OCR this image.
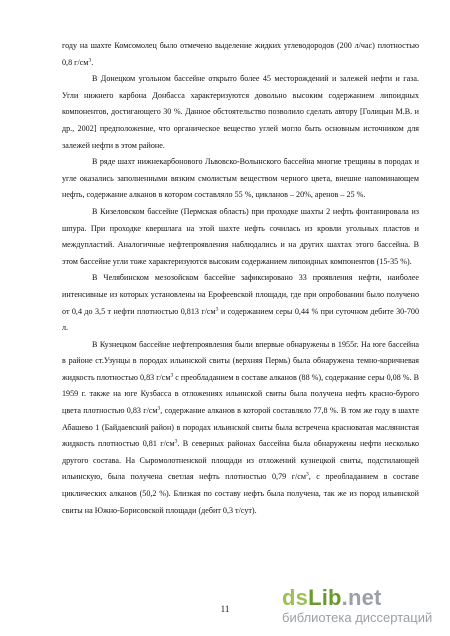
году на шахте Комсомолец было отмечено выделение жидких углеводородов (200 л/час) плотностью 0,8 $г/см^3$.

В Донецком угольном бассейне открыто более 45 месторождений и залежей нефти и газа. Угли нижнего карбона Донбасса характеризуются довольно высоким содержанием липоидных компонентов, достигающего 30 %. Данное обстоятельство позволило сделать автору [Голицын М.В. и др., 2002] предположение, что органическое вещество углей могло быть основным источником для залежей нефти в этом районе.

В ряде шахт нижнекарбонового Львовско-Волынского бассейна многие трещины в породах и угле оказались заполненными вязким смолистым веществом черного цвета, внешне напоминающем нефть, содержание алканов в котором составляло 55 %, цикланов – 20%, аренов – 25 %.

В Кизеловском бассейне (Пермская область) при проходке шахты 2 нефть фонтанировала из шпура. При проходке квершлага на этой шахте нефть сочилась из кровли угольных пластов и междупластий. Аналогичные нефтепроявления наблюдались и на других шахтах этого бассейна. В этом бассейне угли тоже характеризуются высоким содержанием липоидных компонентов (15-35 %).

В Челябинском мезозойском бассейне зафиксировано 33 проявления нефти, наиболее интенсивные из которых установлены на Ерофеевской площади, где при опробовании было получено от 0,4 до 3,5 т нефти плотностью 0,813 $г/см^3$ и содержанием серы 0,44 % при суточном дебите 30-700 л.

В Кузнецком бассейне нефтепроявления были впервые обнаружены в 1955г. На юге бассейна в районе ст.Узунцы в породах ильинской свиты (верхняя Пермь) была обнаружена темно-коричневая жидкость плотностью 0,83 $г/см^3$ с преобладанием в составе алканов (88 %), содержание серы 0,08 %. В 1959 г. также на юге Кузбасса в отложениях ильинской свиты была получена нефть красно-бурого цвета плотностью 0,83 $г/см^3$, содержание алканов в которой составляло 77,8 %. В том же году в шахте Абашево 1 (Байдаевский район) в породах ильинской свиты была встречена красноватая маслянистая жидкость плотностью 0,81 $г/см^3$. В северных районах бассейна была обнаружены нефти несколько другого состава. На Сыромолотненской площади из отложений кузнецкой свиты, подстилающей ильинскую, была получена светлая нефть плотностью 0,79 $г/см^3$, с преобладанием в составе циклических алканов (50,2 %). Близкая по составу нефть была получена, так же из пород ильинской свиты на Южно-Борисовской площади (дебит 0,3 т/сут).

11	dsLib.net
библиотека диссертаций
